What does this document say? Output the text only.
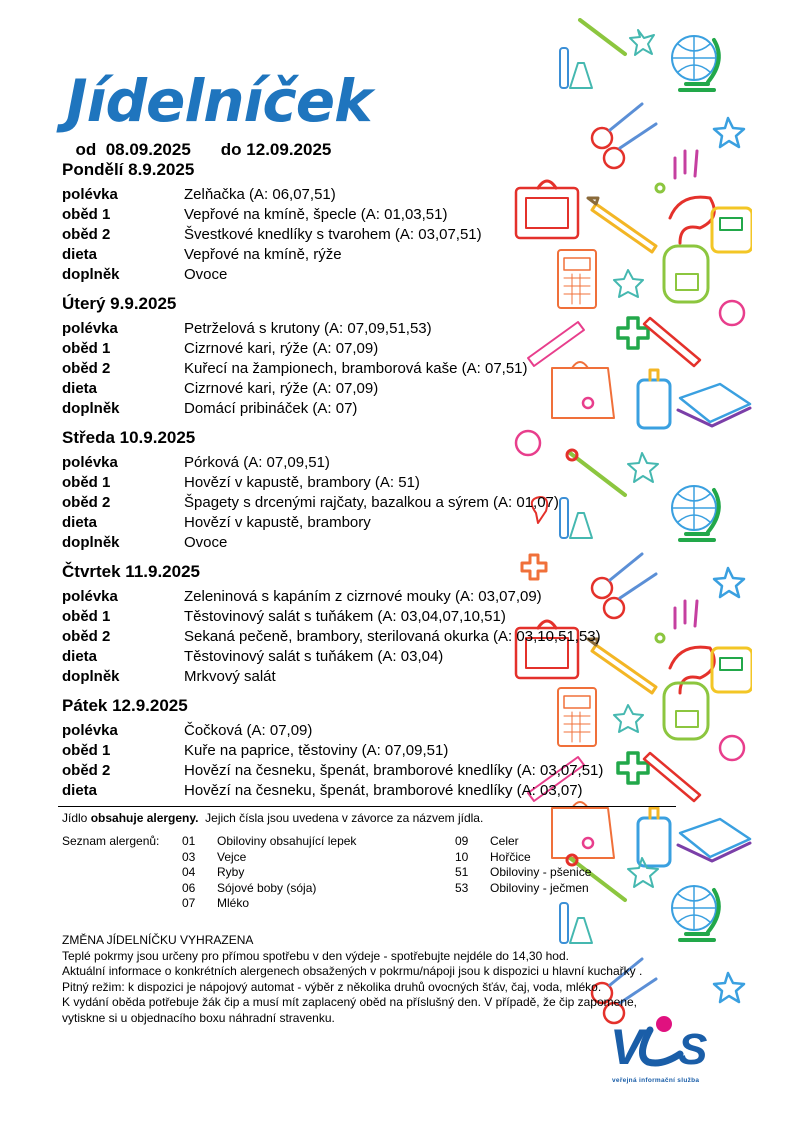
Jídelníček

od 08.09.2025 do 12.09.2025

Pondělí 8.9.2025
polévka	Zelňačka (A: 06,07,51)
oběd 1	Vepřové na kmíně, špecle (A: 01,03,51)
oběd 2	Švestkové knedlíky s tvarohem (A: 03,07,51)
dieta	Vepřové na kmíně, rýže
doplněk	Ovoce
Úterý 9.9.2025
polévka	Petrželová s krutony (A: 07,09,51,53)
oběd 1	Cizrnové kari, rýže (A: 07,09)
oběd 2	Kuřecí na žampionech, bramborová kaše (A: 07,51)
dieta	Cizrnové kari, rýže (A: 07,09)
doplněk	Domácí pribináček (A: 07)
Středa 10.9.2025
polévka	Pórková (A: 07,09,51)
oběd 1	Hovězí v kapustě, brambory (A: 51)
oběd 2	Špagety s drcenými rajčaty, bazalkou a sýrem (A: 01,07)
dieta	Hovězí v kapustě, brambory
doplněk	Ovoce
Čtvrtek 11.9.2025
polévka	Zeleninová s kapáním z cizrnové mouky (A: 03,07,09)
oběd 1	Těstovinový salát s tuňákem (A: 03,04,07,10,51)
oběd 2	Sekaná pečeně, brambory, sterilovaná okurka (A: 03,10,51,53)
dieta	Těstovinový salát s tuňákem (A: 03,04)
doplněk	Mrkvový salát
Pátek 12.9.2025
polévka	Čočková (A: 07,09)
oběd 1	Kuře na paprice, těstoviny (A: 07,09,51)
oběd 2	Hovězí na česneku, špenát, bramborové knedlíky (A: 03,07,51)
dieta	Hovězí na česneku, špenát, bramborové knedlíky (A: 03,07)
Jídlo obsahuje alergeny.  Jejich čísla jsou uvedena v závorce za názvem jídla.
Seznam alergenů: 01	Obiloviny obsahující lepek
03	Vejce
04	Ryby
06	Sójové boby (sója)
07	Mléko
09	Celer
10	Hořčice
51	Obiloviny - pšenice
53	Obiloviny - ječmen

ZMĚNA JÍDELNÍČKU VYHRAZENA

Teplé pokrmy jsou určeny pro přímou spotřebu v den výdeje - spotřebujte nejdéle do 14,30 hod.

Aktuální informace o konkrétních alergenech obsažených v pokrmu/nápoji jsou k dispozici u hlavní kuchařky .

Pitný režim: k dispozici je nápojový automat - výběr z několika druhů ovocných šťáv, čaj, voda, mléko.

K vydání oběda potřebuje žák čip a musí mít zaplacený oběd na příslušný den. V případě, že čip zapomene, vytiskne si u objednacího boxu náhradní stravenku.

V S
veřejná informační služba
